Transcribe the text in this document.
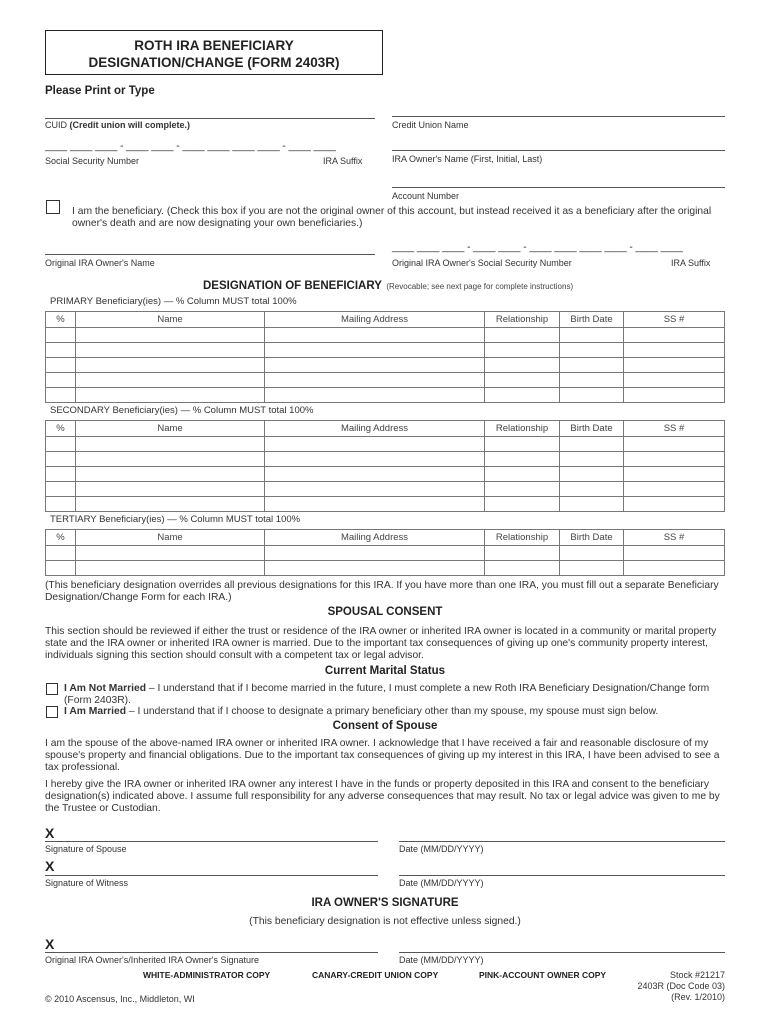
ROTH IRA BENEFICIARY
DESIGNATION/CHANGE (FORM 2403R)
Please Print or Type
CUID (Credit union will complete.)	Credit Union Name
____ ____ ____ - ____ ____ - ____ ____ ____ ____ - ____ ____
Social Security Number	IRA Suffix	IRA Owner's Name (First, Initial, Last)
Account Number
I am the beneficiary. (Check this box if you are not the original owner of this account, but instead received it as a beneficiary after the original owner's death and are now designating your own beneficiaries.)
____ ____ ____ - ____ ____ - ____ ____ ____ ____ - ____ ____
Original IRA Owner's Name	Original IRA Owner's Social Security Number	IRA Suffix
DESIGNATION OF BENEFICIARY (Revocable; see next page for complete instructions)
PRIMARY Beneficiary(ies) — % Column MUST total 100%
%	Name	Mailing Address	Relationship	Birth Date	SS #

SECONDARY Beneficiary(ies) — % Column MUST total 100%
%	Name	Mailing Address	Relationship	Birth Date	SS #

TERTIARY Beneficiary(ies) — % Column MUST total 100%
%	Name	Mailing Address	Relationship	Birth Date	SS #

(This beneficiary designation overrides all previous designations for this IRA. If you have more than one IRA, you must fill out a separate Beneficiary Designation/Change Form for each IRA.)
SPOUSAL CONSENT
This section should be reviewed if either the trust or residence of the IRA owner or inherited IRA owner is located in a community or marital property state and the IRA owner or inherited IRA owner is married. Due to the important tax consequences of giving up one's community property interest, individuals signing this section should consult with a competent tax or legal advisor.
Current Marital Status
I Am Not Married – I understand that if I become married in the future, I must complete a new Roth IRA Beneficiary Designation/Change form (Form 2403R).
I Am Married – I understand that if I choose to designate a primary beneficiary other than my spouse, my spouse must sign below.
Consent of Spouse
I am the spouse of the above-named IRA owner or inherited IRA owner. I acknowledge that I have received a fair and reasonable disclosure of my spouse's property and financial obligations. Due to the important tax consequences of giving up my interest in this IRA, I have been advised to see a tax professional.
I hereby give the IRA owner or inherited IRA owner any interest I have in the funds or property deposited in this IRA and consent to the beneficiary designation(s) indicated above. I assume full responsibility for any adverse consequences that may result. No tax or legal advice was given to me by the Trustee or Custodian.
X
Signature of Spouse	Date (MM/DD/YYYY)
X
Signature of Witness	Date (MM/DD/YYYY)
IRA OWNER'S SIGNATURE
(This beneficiary designation is not effective unless signed.)
X
Original IRA Owner's/Inherited IRA Owner's Signature	Date (MM/DD/YYYY)
WHITE-ADMINISTRATOR COPY	CANARY-CREDIT UNION COPY	PINK-ACCOUNT OWNER COPY	Stock #21217
2403R (Doc Code 03)
(Rev. 1/2010)
© 2010 Ascensus, Inc., Middleton, WI
